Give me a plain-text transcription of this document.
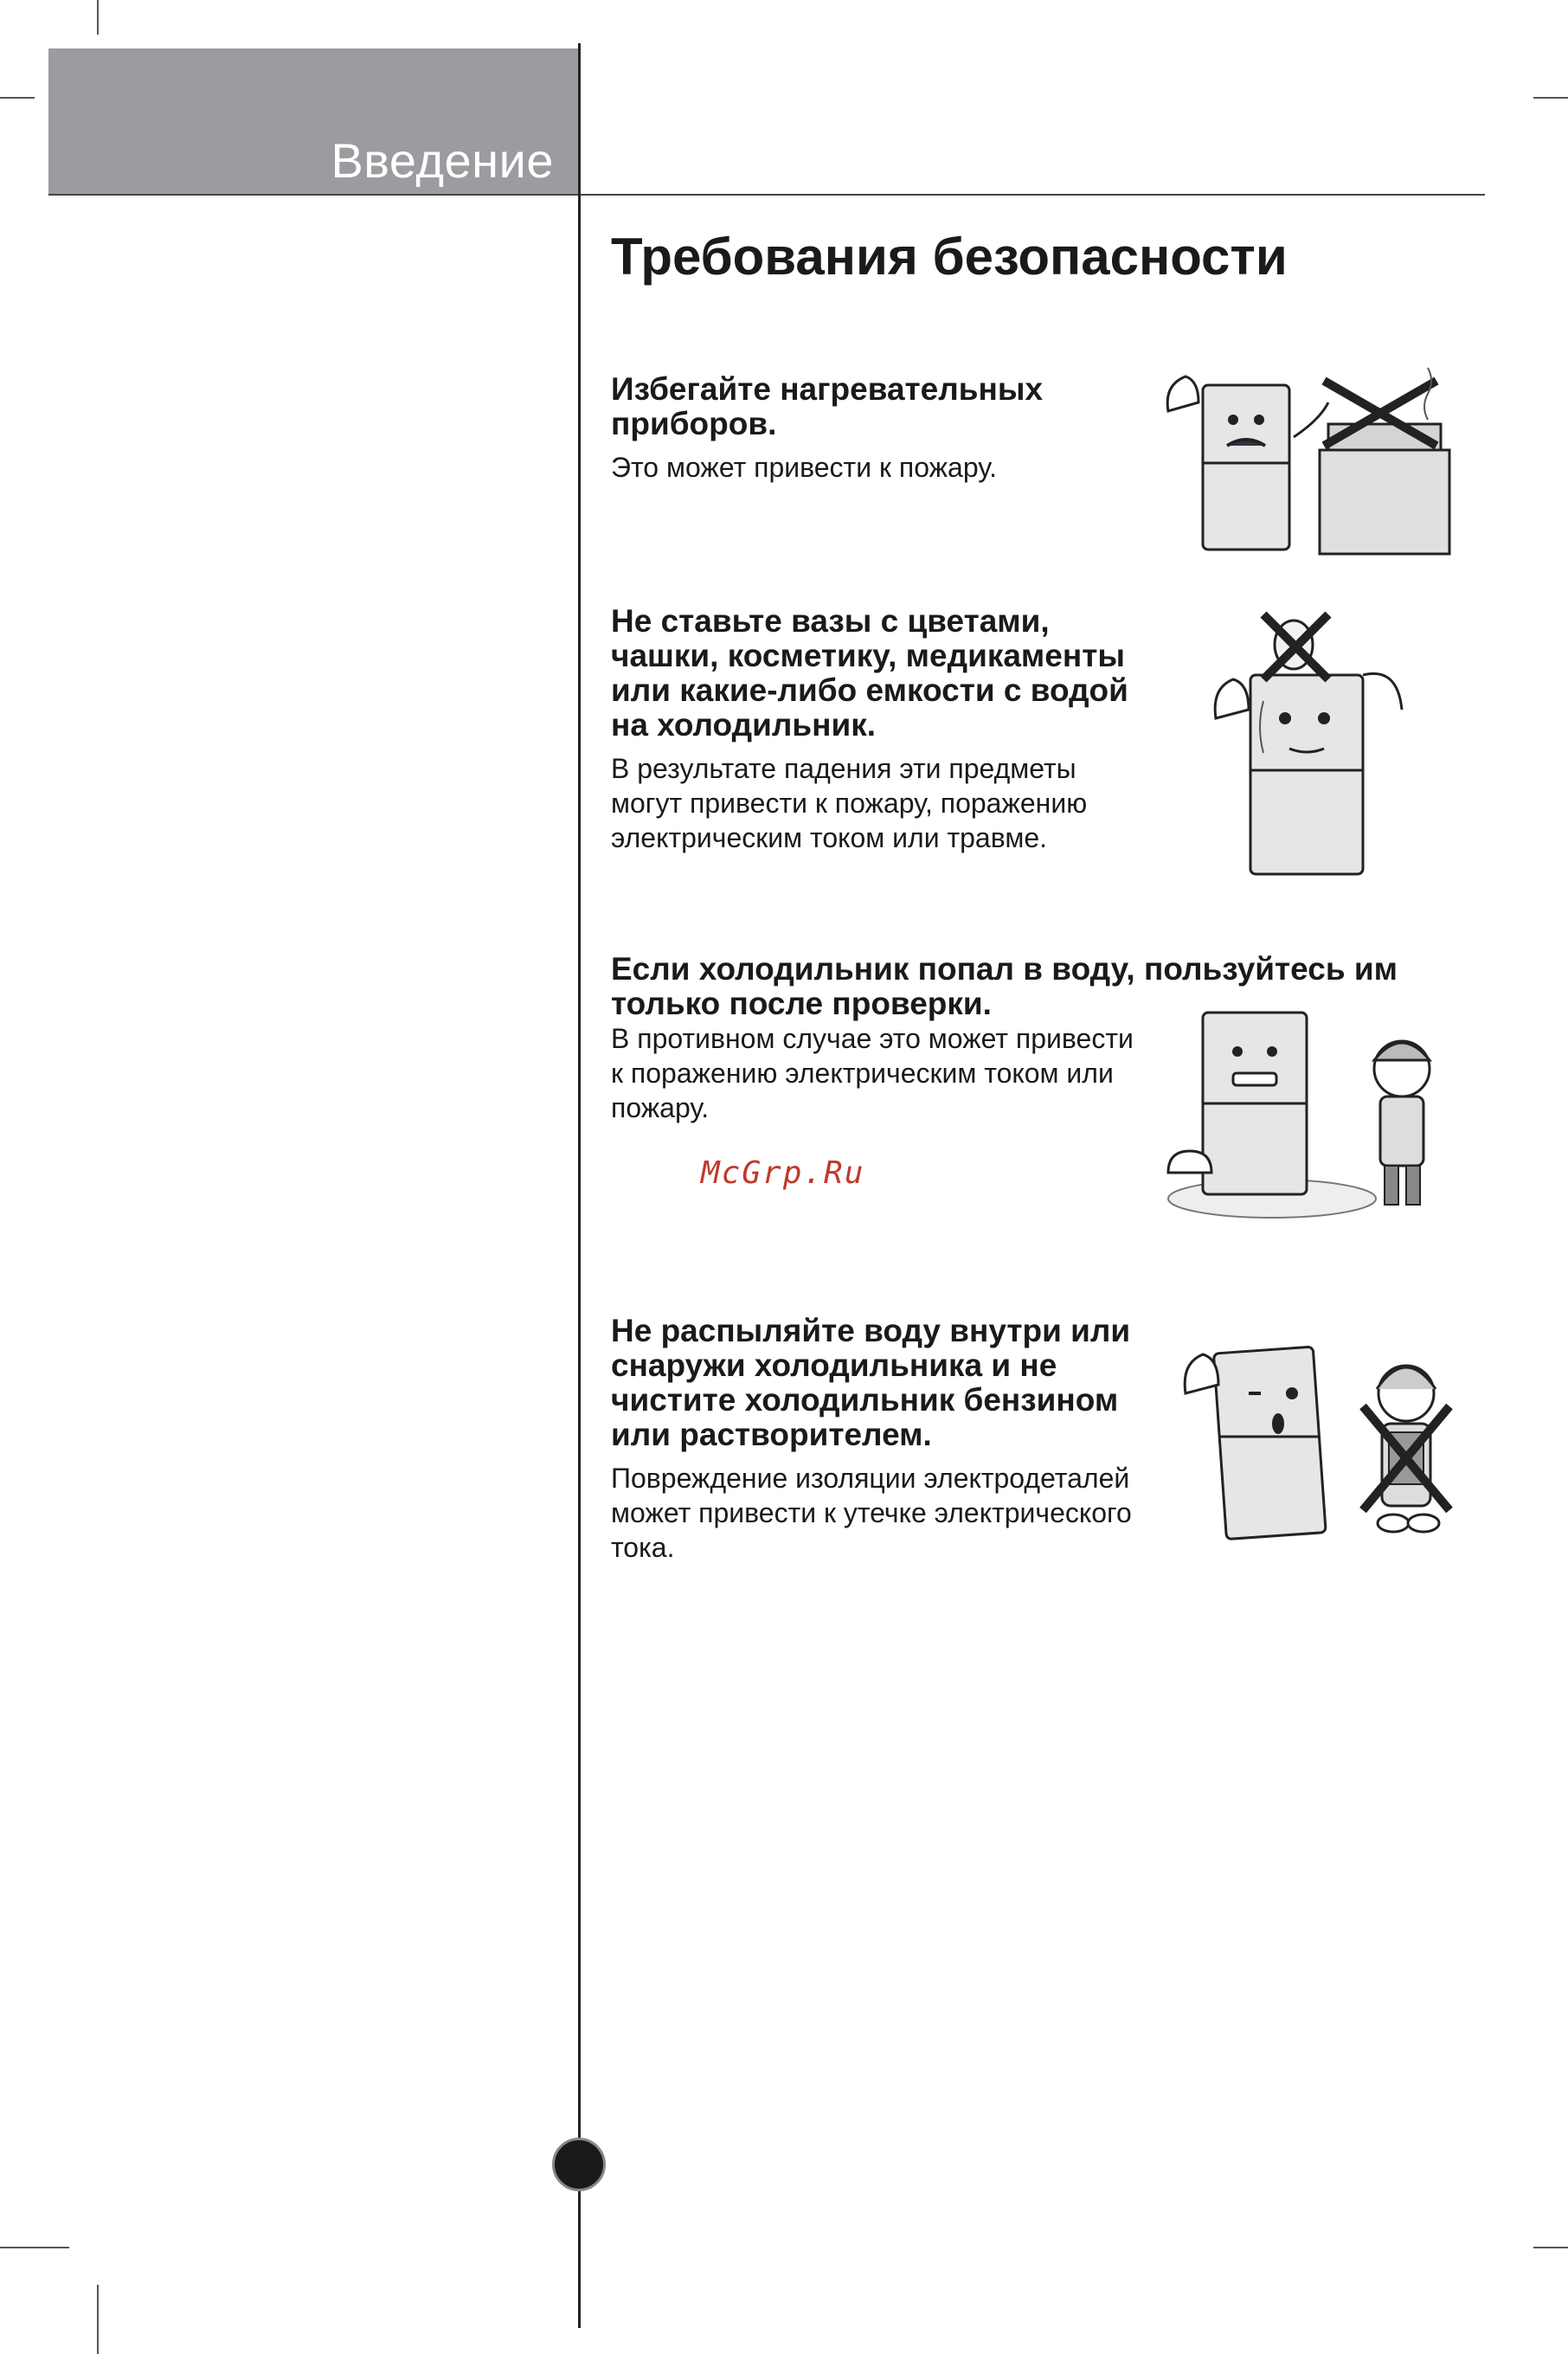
Введение
Требования безопасности
Избегайте нагревательных приборов.

Это может привести к пожару.

Не ставьте вазы с цветами, чашки, косметику, медикаменты или какие-либо емкости с водой на холодильник.

В результате падения эти предметы могут привести к пожару, поражению электрическим током или травме.

Если холодильник попал в воду, пользуйтесь им только после проверки.

В противном случае это может привести к поражению электрическим током или пожару.

McGrp.Ru
Не распыляйте воду внутри или снаружи холодильника и не чистите холодильник бензином или растворителем.

Повреждение изоляции электродеталей может привести к утечке электрического тока.
